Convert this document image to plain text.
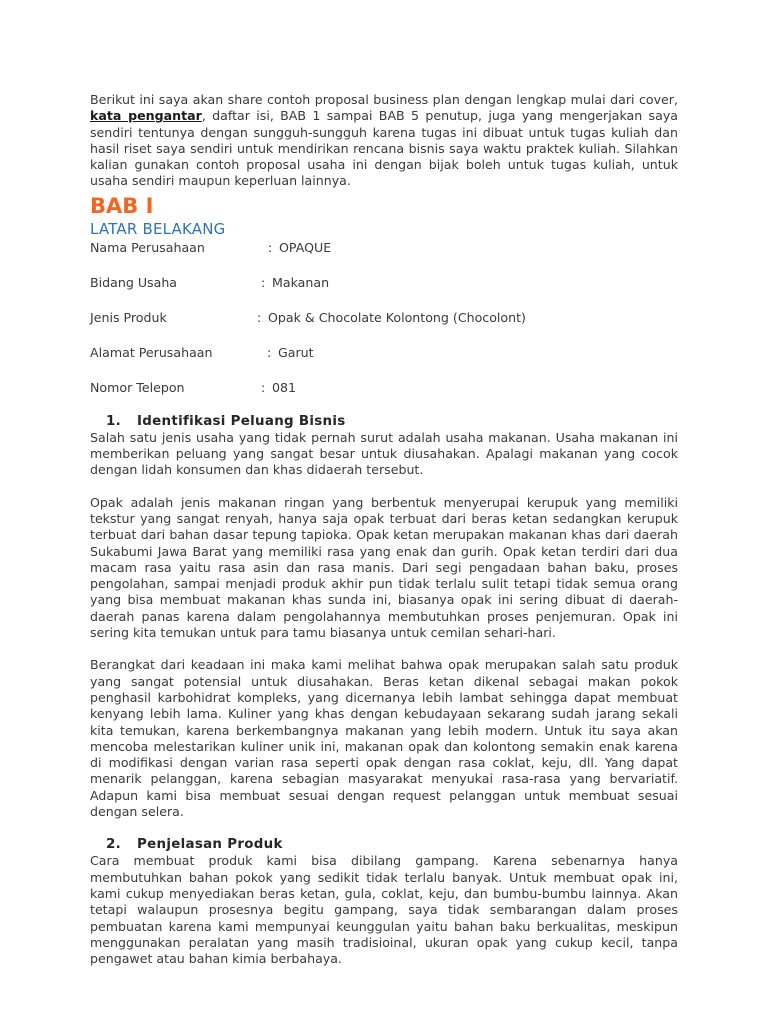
Berikut ini saya akan share contoh proposal business plan dengan lengkap mulai dari cover, kata pengantar, daftar isi, BAB 1 sampai BAB 5 penutup, juga yang mengerjakan saya sendiri tentunya dengan sungguh-sungguh karena tugas ini dibuat untuk tugas kuliah dan hasil riset saya sendiri untuk mendirikan rencana bisnis saya waktu praktek kuliah. Silahkan kalian gunakan contoh proposal usaha ini dengan bijak boleh untuk tugas kuliah, untuk usaha sendiri maupun keperluan lainnya.

BAB I
LATAR BELAKANG
Nama Perusahaan	: OPAQUE
Bidang Usaha	: Makanan
Jenis Produk	: Opak & Chocolate Kolontong (Chocolont)
Alamat Perusahaan	: Garut
Nomor Telepon	: 081
1. Identifikasi Peluang Bisnis

Salah satu jenis usaha yang tidak pernah surut adalah usaha makanan. Usaha makanan ini memberikan peluang yang sangat besar untuk diusahakan. Apalagi makanan yang cocok dengan lidah konsumen dan khas didaerah tersebut.

Opak adalah jenis makanan ringan yang berbentuk menyerupai kerupuk yang memiliki tekstur yang sangat renyah, hanya saja opak terbuat dari beras ketan sedangkan kerupuk terbuat dari bahan dasar tepung tapioka. Opak ketan merupakan makanan khas dari daerah Sukabumi Jawa Barat yang memiliki rasa yang enak dan gurih. Opak ketan terdiri dari dua macam rasa yaitu rasa asin dan rasa manis. Dari segi pengadaan bahan baku, proses pengolahan, sampai menjadi produk akhir pun tidak terlalu sulit tetapi tidak semua orang yang bisa membuat makanan khas sunda ini, biasanya opak ini sering dibuat di daerah-daerah panas karena dalam pengolahannya membutuhkan proses penjemuran. Opak ini sering kita temukan untuk para tamu biasanya untuk cemilan sehari-hari.

Berangkat dari keadaan ini maka kami melihat bahwa opak merupakan salah satu produk yang sangat potensial untuk diusahakan. Beras ketan dikenal sebagai makan pokok penghasil karbohidrat kompleks, yang dicernanya lebih lambat sehingga dapat membuat kenyang lebih lama. Kuliner yang khas dengan kebudayaan sekarang sudah jarang sekali kita temukan, karena berkembangnya makanan yang lebih modern. Untuk itu saya akan mencoba melestarikan kuliner unik ini, makanan opak dan kolontong semakin enak karena di modifikasi dengan varian rasa seperti opak dengan rasa coklat, keju, dll. Yang dapat menarik pelanggan, karena sebagian masyarakat menyukai rasa-rasa yang bervariatif. Adapun kami bisa membuat sesuai dengan request pelanggan untuk membuat sesuai dengan selera.

2. Penjelasan Produk

Cara membuat produk kami bisa dibilang gampang. Karena sebenarnya hanya membutuhkan bahan pokok yang sedikit tidak terlalu banyak. Untuk membuat opak ini, kami cukup menyediakan beras ketan, gula, coklat, keju, dan bumbu-bumbu lainnya. Akan tetapi walaupun prosesnya begitu gampang, saya tidak sembarangan dalam proses pembuatan karena kami mempunyai keunggulan yaitu bahan baku berkualitas, meskipun menggunakan peralatan yang masih tradisioinal, ukuran opak yang cukup kecil, tanpa pengawet atau bahan kimia berbahaya.
